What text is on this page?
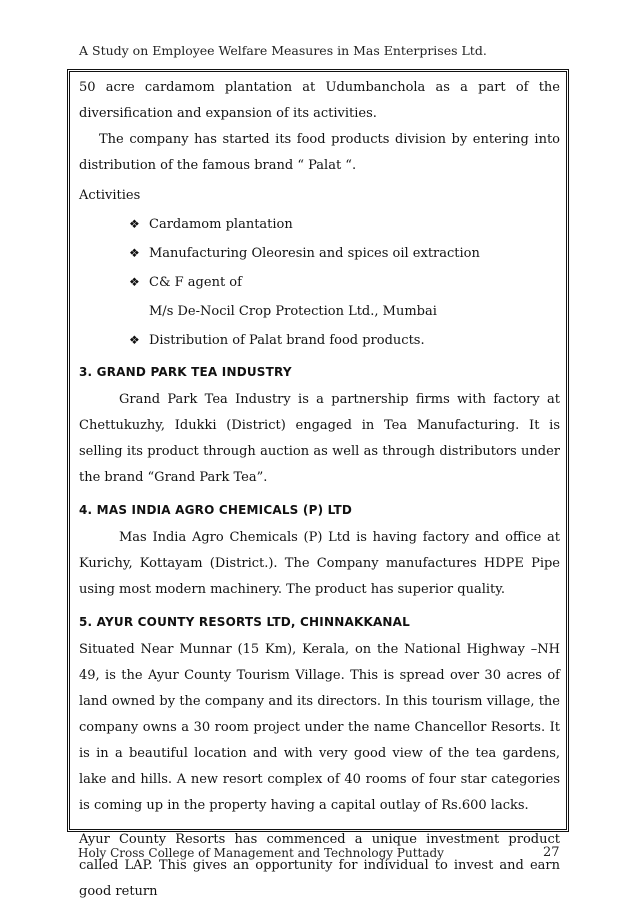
A Study on Employee Welfare Measures in Mas Enterprises Ltd.

50 acre cardamom plantation at Udumbanchola as a part of the diversification and expansion of its activities.

The company has started its food products division by entering into distribution of the famous brand “ Palat “.

Activities

❖ Cardamom plantation
❖ Manufacturing Oleoresin and spices oil extraction
❖ C& F agent of
M/s De-Nocil Crop Protection Ltd., Mumbai
❖ Distribution of Palat brand food products.
3. GRAND PARK TEA INDUSTRY

Grand Park Tea Industry is a partnership firms with factory at Chettukuzhy, Idukki (District) engaged in Tea Manufacturing. It is selling its product through auction as well as through distributors under the brand “Grand Park Tea”.

4. MAS INDIA AGRO CHEMICALS (P) LTD

Mas India Agro Chemicals (P) Ltd is having factory and office at Kurichy, Kottayam (District.). The Company manufactures HDPE Pipe using most modern machinery. The product has superior quality.

5. AYUR COUNTY RESORTS LTD, CHINNAKKANAL

Situated Near Munnar (15 Km), Kerala, on the National Highway –NH 49, is the Ayur County Tourism Village. This is spread over 30 acres of land owned by the company and its directors. In this tourism village, the company owns a 30 room project under the name Chancellor Resorts. It is in a beautiful location and with very good view of the tea gardens, lake and hills. A new resort complex of 40 rooms of four star categories is coming up in the property having a capital outlay of Rs.600 lacks.

Ayur County Resorts has commenced a unique investment product called LAP. This gives an opportunity for individual to invest and earn good return

Holy Cross College of Management and Technology Puttady	27
